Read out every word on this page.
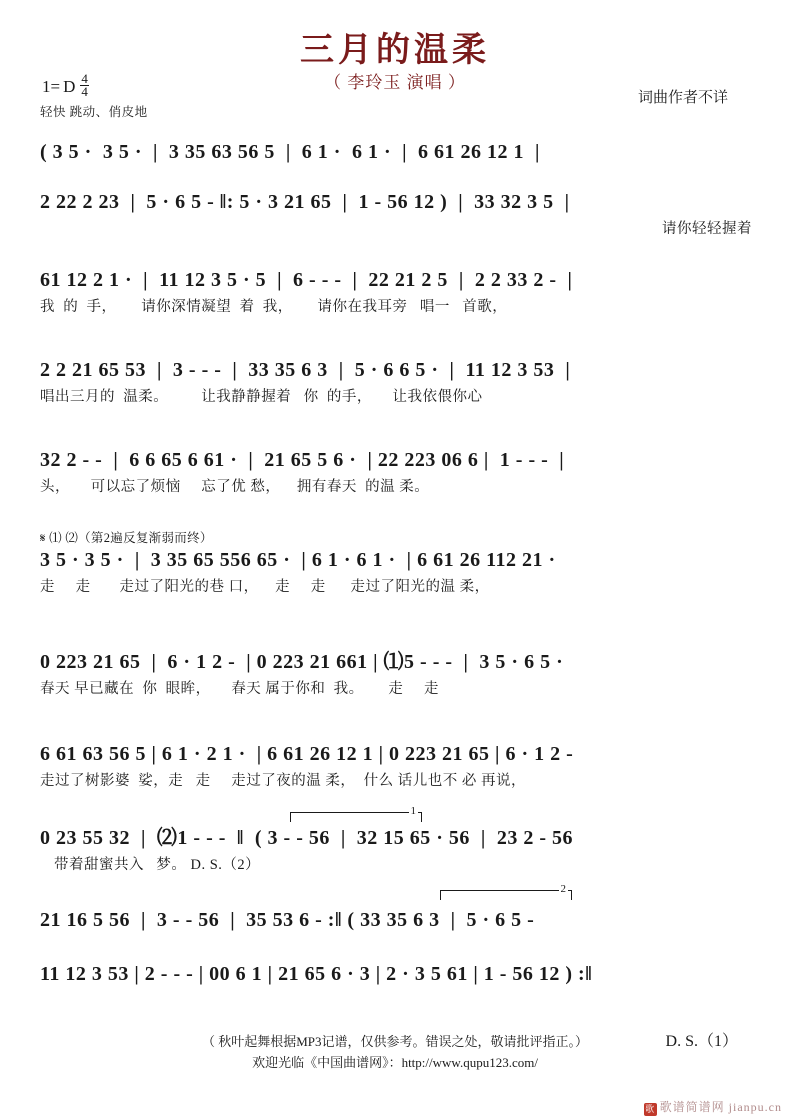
三月的温柔
（ 李玲玉 演唱 ）
词曲作者不详
1= D $\frac{4}{4}$
轻快 跳动、俏皮地
( 3 5 ·  3 5 ·  |  3 35 63 56 5  |  6 1 ·  6 1 ·  |  6 61 26 12 1  |
2 22 2 23  |  5 · 6 5 - ‖: 5 · 3 21 65  |  1 - 56 12 )  |  33 32 3 5  |
请你轻轻握着
61 12 2 1 ·  |  11 12 3 5 · 5  |  6 - - -  |  22 21 2 5  |  2 2 33 2 -  |
我  的  手，      请你深情凝望  着  我，      请你在我耳旁   唱一   首歌，
2 2 21 65 53  |  3 - - -  |  33 35 6 3  |  5 · 6 6 5 ·  |  11 12 3 53  |
唱出三月的  温柔。        让我静静握着   你  的手，     让我依偎你心
32 2 - -  |  6 6 65 6 61 ·  |  21 65 5 6 ·  | 22 223 06 6 |  1 - - -  |
头，     可以忘了烦恼     忘了优 愁，    拥有春天  的温 柔。
𝄋 ⑴ ⑵（第2遍反复渐弱而终）
3 5 · 3 5 ·  |  3 35 65 556 65 ·  | 6 1 · 6 1 ·  | 6 61 26 112 21 ·
走     走       走过了阳光的巷 口，    走     走      走过了阳光的温 柔，
0 223 21 65  |  6 · 1 2 -  | 0 223 21 661 | ⑴5 - - -  |  3 5 · 6 5 ·
春天 早已藏在  你  眼眸，     春天 属于你和  我。      走     走
6 61 63 56 5 | 6 1 · 2 1 ·  | 6 61 26 12 1 | 0 223 21 65 | 6 · 1 2 -
走过了树影婆  娑，走   走     走过了夜的温 柔，  什么 话儿也不 必 再说，
1
0 23 55 32  |  ⑵1 - - -  ‖  ( 3 - - 56  |  32 15 65 · 56  |  23 2 - 56
带着甜蜜共入   梦。 D. S.（2）
2
21 16 5 56  |  3 - - 56  |  35 53 6 - :‖ ( 33 35 6 3  |  5 · 6 5 -
11 12 3 53 | 2 - - - | 00 6 1 | 21 65 6 · 3 | 2 · 3 5 61 | 1 - 56 12 ) :‖
D. S.（1）
（ 秋叶起舞根据MP3记谱，仅供参考。错误之处，敬请批评指正。）
欢迎光临《中国曲谱网》：http://www.qupu123.com/
歌 歌谱简谱网 jianpu.cn
